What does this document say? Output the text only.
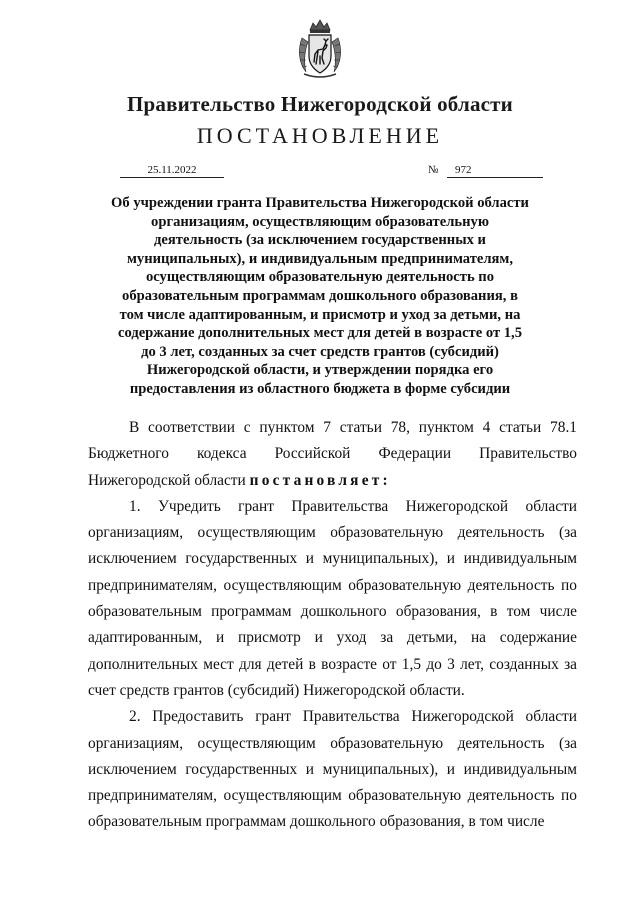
Правительство Нижегородской области
ПОСТАНОВЛЕНИЕ
25.11.2022	№	972
Об учреждении гранта Правительства Нижегородской области организациям, осуществляющим образовательную деятельность (за исключением государственных и муниципальных), и индивидуальным предпринимателям, осуществляющим образовательную деятельность по образовательным программам дошкольного образования, в том числе адаптированным, и присмотр и уход за детьми, на содержание дополнительных мест для детей в возрасте от 1,5 до 3 лет, созданных за счет средств грантов (субсидий) Нижегородской области, и утверждении порядка его предоставления из областного бюджета в форме субсидии

В соответствии с пунктом 7 статьи 78, пунктом 4 статьи 78.1 Бюджетного кодекса Российской Федерации Правительство Нижегородской области постановляет:

1. Учредить грант Правительства Нижегородской области организациям, осуществляющим образовательную деятельность (за исключением государственных и муниципальных), и индивидуальным предпринимателям, осуществляющим образовательную деятельность по образовательным программам дошкольного образования, в том числе адаптированным, и присмотр и уход за детьми, на содержание дополнительных мест для детей в возрасте от 1,5 до 3 лет, созданных за счет средств грантов (субсидий) Нижегородской области.

2. Предоставить грант Правительства Нижегородской области организациям, осуществляющим образовательную деятельность (за исключением государственных и муниципальных), и индивидуальным предпринимателям, осуществляющим образовательную деятельность по образовательным программам дошкольного образования, в том числе
